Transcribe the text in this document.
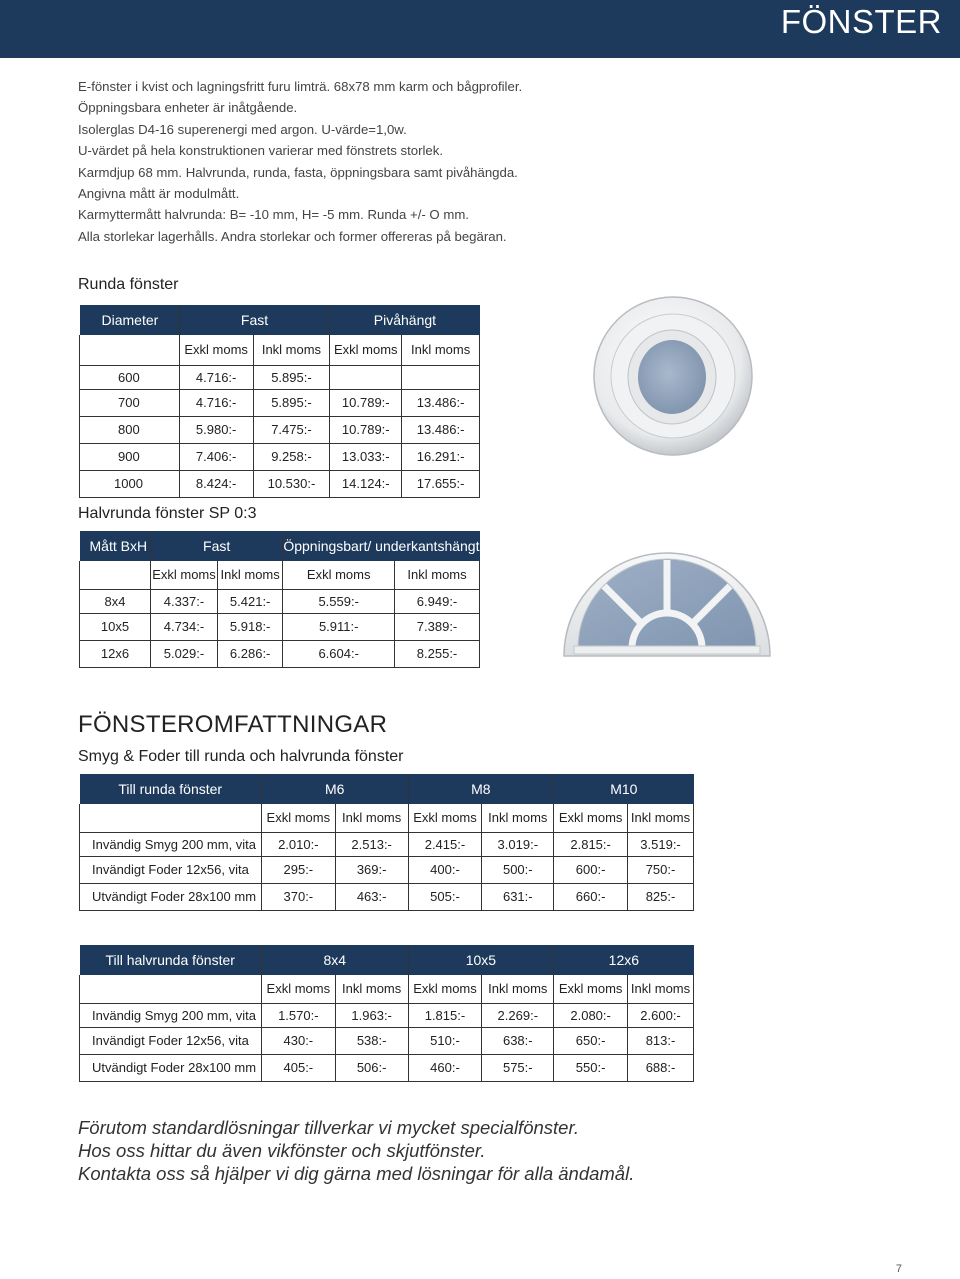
FÖNSTER
E-fönster i kvist och lagningsfritt furu limträ. 68x78 mm karm och bågprofiler.
Öppningsbara enheter är inåtgående.
Isolerglas D4-16 superenergi med argon. U-värde=1,0w.
U-värdet på hela konstruktionen varierar med fönstrets storlek.
Karmdjup 68 mm. Halvrunda, runda, fasta, öppningsbara samt pivåhängda.
Angivna mått är modulmått.
Karmyttermått halvrunda: B= -10 mm, H= -5 mm. Runda +/- O mm.
Alla storlekar lagerhålls. Andra storlekar och former offereras på begäran.
Runda fönster
Diameter	Fast		Pivåhängt	
	Exkl moms	Inkl moms	Exkl moms	Inkl moms
600	4.716:-	5.895:-		
700	4.716:-	5.895:-	10.789:-	13.486:-
800	5.980:-	7.475:-	10.789:-	13.486:-
900	7.406:-	9.258:-	13.033:-	16.291:-
1000	8.424:-	10.530:-	14.124:-	17.655:-
Halvrunda fönster SP 0:3
Mått BxH	Fast		Öppningsbart/ underkantshängt	
	Exkl moms	Inkl moms	Exkl moms	Inkl moms
8x4	4.337:-	5.421:-	5.559:-	6.949:-
10x5	4.734:-	5.918:-	5.911:-	7.389:-
12x6	5.029:-	6.286:-	6.604:-	8.255:-
FÖNSTEROMFATTNINGAR
Smyg & Foder till runda och halvrunda fönster
Till runda fönster	M6		M8		M10	
	Exkl moms	Inkl moms	Exkl moms	Inkl moms	Exkl moms	Inkl moms
Invändig Smyg 200 mm, vita	2.010:-	2.513:-	2.415:-	3.019:-	2.815:-	3.519:-
Invändigt Foder 12x56, vita	295:-	369:-	400:-	500:-	600:-	750:-
Utvändigt Foder 28x100 mm	370:-	463:-	505:-	631:-	660:-	825:-
Till halvrunda fönster	8x4		10x5		12x6	
	Exkl moms	Inkl moms	Exkl moms	Inkl moms	Exkl moms	Inkl moms
Invändig Smyg 200 mm, vita	1.570:-	1.963:-	1.815:-	2.269:-	2.080:-	2.600:-
Invändigt Foder 12x56, vita	430:-	538:-	510:-	638:-	650:-	813:-
Utvändigt Foder 28x100 mm	405:-	506:-	460:-	575:-	550:-	688:-
Förutom standardlösningar tillverkar vi mycket specialfönster.
Hos oss hittar du även vikfönster och skjutfönster.
Kontakta oss så hjälper vi dig gärna med lösningar för alla ändamål.
7
